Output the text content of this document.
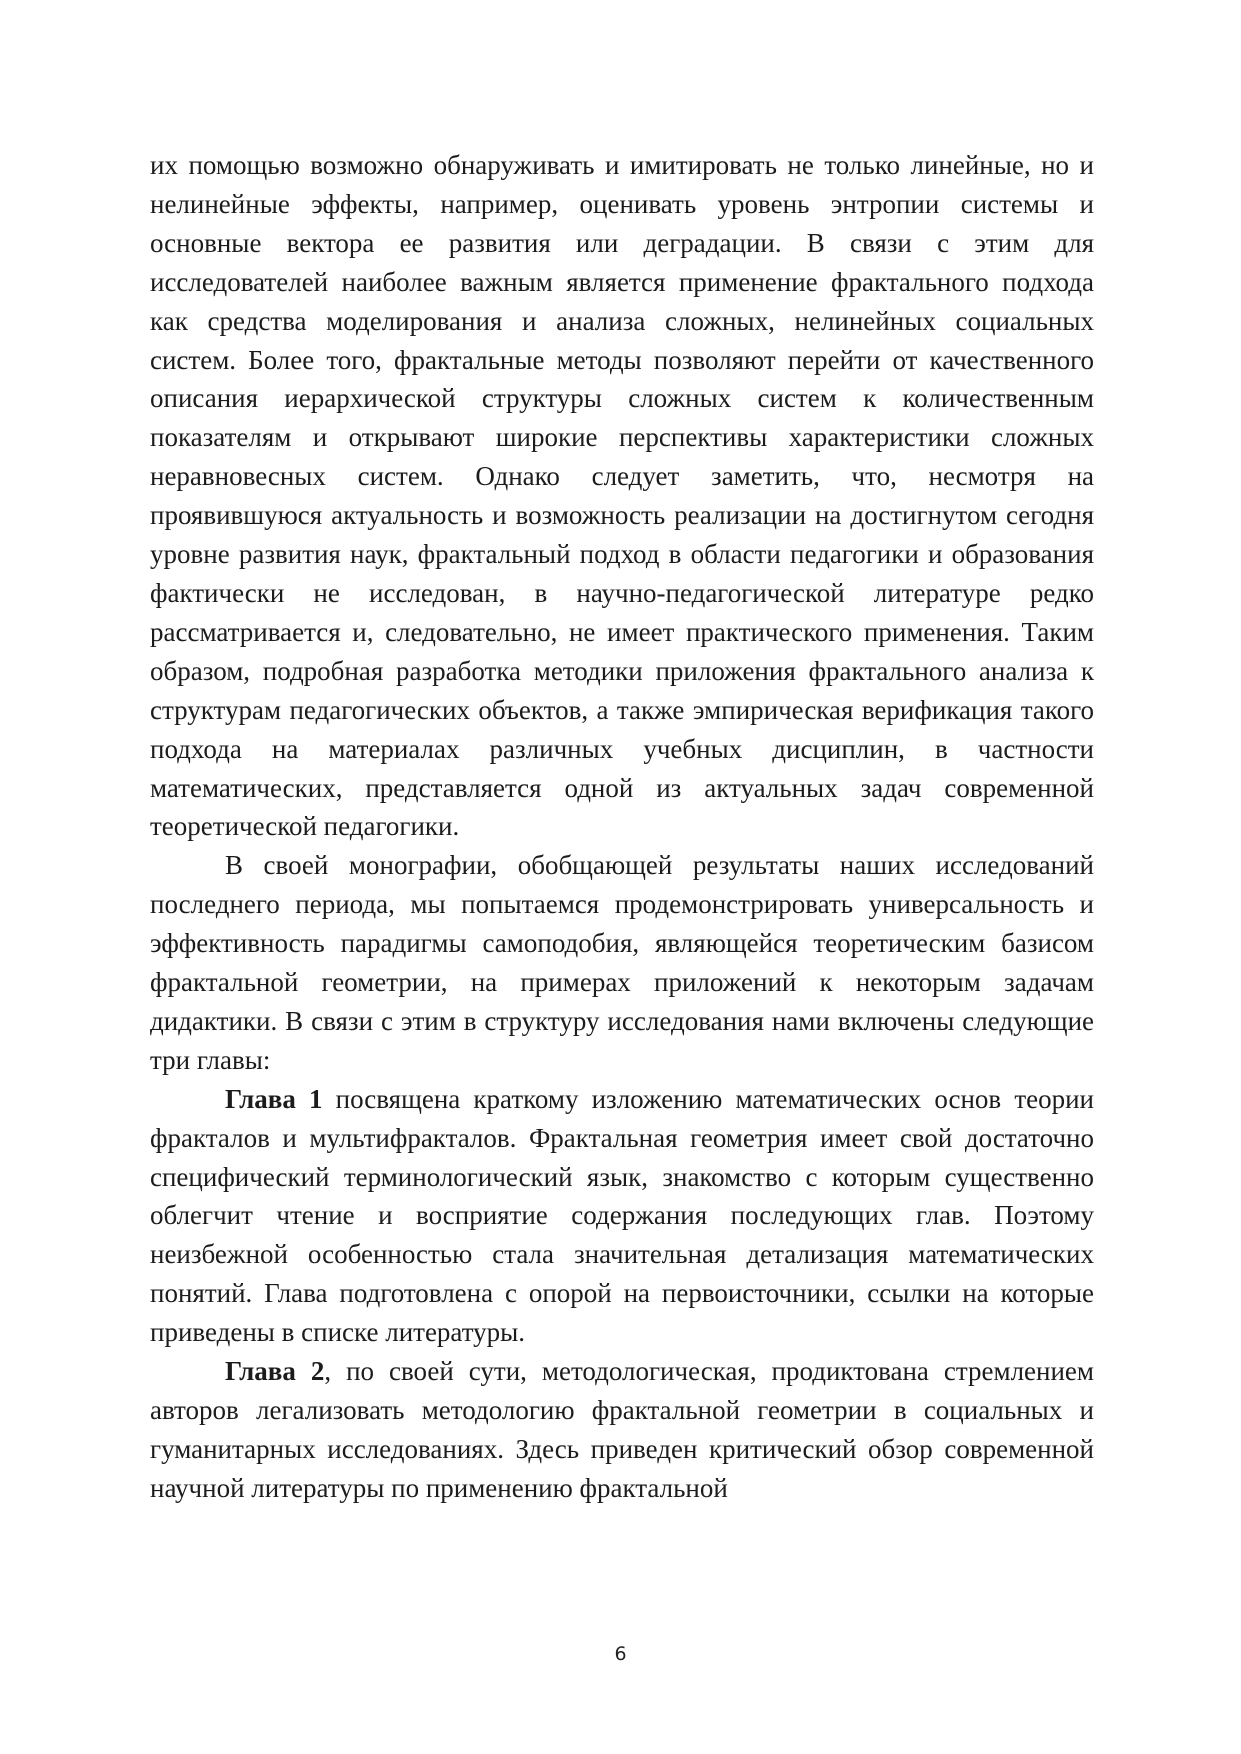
их помощью возможно обнаруживать и имитировать не только линейные, но и нелинейные эффекты, например, оценивать уровень энтропии системы и основные вектора ее развития или деградации. В связи с этим для исследователей наиболее важным является применение фрактального подхода как средства моделирования и анализа сложных, нелинейных социальных систем. Более того, фрактальные методы позволяют перейти от качественного описания иерархической структуры сложных систем к количественным показателям и открывают широкие перспективы характеристики сложных неравновесных систем. Однако следует заметить, что, несмотря на проявившуюся актуальность и возможность реализации на достигнутом сегодня уровне развития наук, фрактальный подход в области педагогики и образования фактически не исследован, в научно-педагогической литературе редко рассматривается и, следовательно, не имеет практического применения. Таким образом, подробная разработка методики приложения фрактального анализа к структурам педагогических объектов, а также эмпирическая верификация такого подхода на материалах различных учебных дисциплин, в частности математических, представляется одной из актуальных задач современной теоретической педагогики.

В своей монографии, обобщающей результаты наших исследований последнего периода, мы попытаемся продемонстрировать универсальность и эффективность парадигмы самоподобия, являющейся теоретическим базисом фрактальной геометрии, на примерах приложений к некоторым задачам дидактики. В связи с этим в структуру исследования нами включены следующие три главы:

Глава 1 посвящена краткому изложению математических основ теории фракталов и мультифракталов. Фрактальная геометрия имеет свой достаточно специфический терминологический язык, знакомство с которым существенно облегчит чтение и восприятие содержания последующих глав. Поэтому неизбежной особенностью стала значительная детализация математических понятий. Глава подготовлена с опорой на первоисточники, ссылки на которые приведены в списке литературы.

Глава 2, по своей сути, методологическая, продиктована стремлением авторов легализовать методологию фрактальной геометрии в социальных и гуманитарных исследованиях. Здесь приведен критический обзор современной научной литературы по применению фрактальной

6
